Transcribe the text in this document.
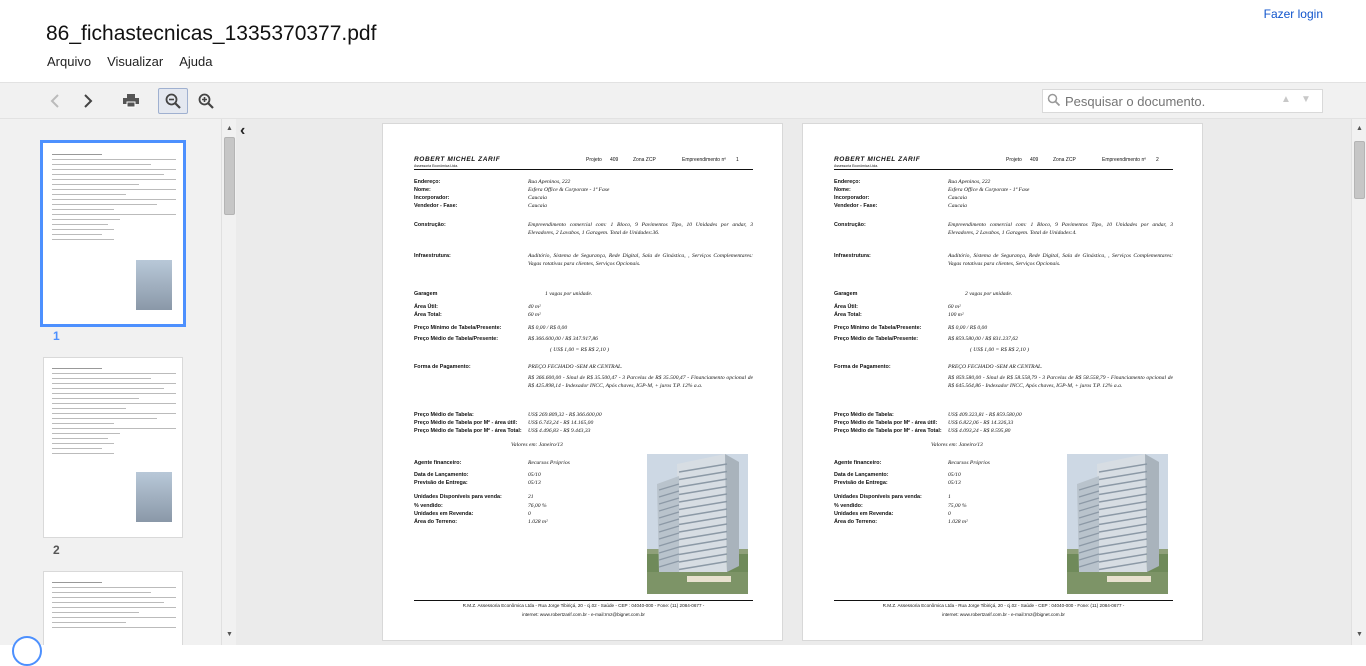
86_fichastecnicas_1335370377.pdf
Fazer login
Arquivo Visualizar Ajuda
Pesquisar o documento.
▲ ▼
1
2
▲
▼
‹
ROBERT MICHEL ZARIF
Assessoria Econômica Ltda.
Projeto 409	Zona ZCP	Empreendimento nº 1
Endereço:	Rua Apeninos, 222
Nome:	Esfera Office & Corporate - 1ª Fase
Incorporador:	Caucaia
Vendedor - Fase:	Caucaia
Construção:	Empreendimento comercial com: 1 Bloco, 9 Pavimentos Tipo, 10 Unidades por andar, 3 Elevadores, 2 Lavabos, 1 Garagem. Total de Unidades:36.
Infraestrutura:	Auditório, Sistema de Segurança, Rede Digital, Sala de Ginástica, , Serviços Complementares: Vagas rotativas para clientes, Serviços Opcionais.
Garagem	1 vagas por unidade.
Área Útil:	40 m²
Área Total:	60 m²
Preço Mínimo de Tabela/Presente:	R$ 0,00 / R$ 0,00
Preço Médio de Tabela/Presente:	R$ 366.600,00 / R$ 347.917,86
( US$ 1,00 = R$ R$ 2,10 )
Forma de Pagamento:	PREÇO FECHADO -SEM AR CENTRAL.
R$ 366.600,00 - Sinal de R$ 35.500,47 - 3 Parcelas de R$ 35.500,47 - Financiamento opcional de R$ 425.898,14 - Indexador INCC, Após chaves, IGP-M, + juros T.P. 12% a.a.
Preço Médio de Tabela:	US$ 269.809,32 - R$ 366.600,00
Preço Médio de Tabela por M² - área útil: US$ 6.743,24 - R$ 14.165,00
Preço Médio de Tabela por M² - área Total: US$ 4.496,83 - R$ 9.443,33
Valores em: Janeiro/13
Agente financeiro:	Recursos Próprios
Data de Lançamento:	05/10
Previsão de Entrega:	05/13
Unidades Disponíveis para venda:	21
% vendido:	76,00 %
Unidades em Revenda:	0
Área do Terreno:	1.028 m²
R.M.Z. Assessoria Econômica Ltda - Rua Jorge Tibiriçá, 20 - cj.02 - Saúde - CEP : 04040-000 - Fone: (11) 2084-0677 -
internet: www.robertzarif.com.br - e-mail:rmz@bignet.com.br
ROBERT MICHEL ZARIF
Assessoria Econômica Ltda.
Projeto 409	Zona ZCP	Empreendimento nº 2
Endereço:	Rua Apeninos, 222
Nome:	Esfera Office & Corporate - 1ª Fase
Incorporador:	Caucaia
Vendedor - Fase:	Caucaia
Construção:	Empreendimento comercial com: 1 Bloco, 9 Pavimentos Tipo, 10 Unidades por andar, 3 Elevadores, 2 Lavabos, 1 Garagem. Total de Unidades:4.
Infraestrutura:	Auditório, Sistema de Segurança, Rede Digital, Sala de Ginástica, , Serviços Complementares: Vagas rotativas para clientes, Serviços Opcionais.
Garagem	2 vagas por unidade.
Área Útil:	60 m²
Área Total:	100 m²
Preço Mínimo de Tabela/Presente:	R$ 0,00 / R$ 0,00
Preço Médio de Tabela/Presente:	R$ 859.580,00 / R$ 831.237,62
( US$ 1,00 = R$ R$ 2,10 )
Forma de Pagamento:	PREÇO FECHADO -SEM AR CENTRAL.
R$ 859.580,00 - Sinal de R$ 58.558,79 - 3 Parcelas de R$ 58.558,79 - Financiamento opcional de R$ 645.564,86 - Indexador INCC, Após chaves, IGP-M, + juros T.P. 12% a.a.
Preço Médio de Tabela:	US$ 409.323,81 - R$ 859.580,00
Preço Médio de Tabela por M² - área útil: US$ 6.822,06 - R$ 14.326,33
Preço Médio de Tabela por M² - área Total: US$ 4.093,24 - R$ 8.595,80
Valores em: Janeiro/13
Agente financeiro:	Recursos Próprios
Data de Lançamento:	05/10
Previsão de Entrega:	05/13
Unidades Disponíveis para venda:	1
% vendido:	75,00 %
Unidades em Revenda:	0
Área do Terreno:	1.028 m²
R.M.Z. Assessoria Econômica Ltda - Rua Jorge Tibiriçá, 20 - cj.02 - Saúde - CEP : 04040-000 - Fone: (11) 2084-0677 -
internet: www.robertzarif.com.br - e-mail:rmz@bignet.com.br
▲
▼
